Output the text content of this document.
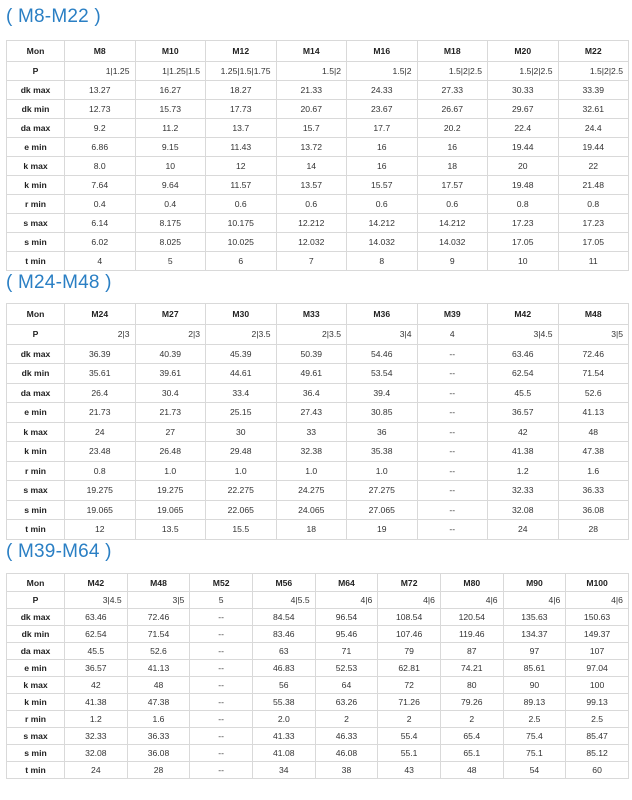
( M8-M22 )
Mon	M8	M10	M12	M14	M16	M18	M20	M22
P	1|1.25	1|1.25|1.5	1.25|1.5|1.75	1.5|2	1.5|2	1.5|2|2.5	1.5|2|2.5	1.5|2|2.5
dk max	13.27	16.27	18.27	21.33	24.33	27.33	30.33	33.39
dk min	12.73	15.73	17.73	20.67	23.67	26.67	29.67	32.61
da max	9.2	11.2	13.7	15.7	17.7	20.2	22.4	24.4
e min	6.86	9.15	11.43	13.72	16	16	19.44	19.44
k max	8.0	10	12	14	16	18	20	22
k min	7.64	9.64	11.57	13.57	15.57	17.57	19.48	21.48
r min	0.4	0.4	0.6	0.6	0.6	0.6	0.8	0.8
s max	6.14	8.175	10.175	12.212	14.212	14.212	17.23	17.23
s min	6.02	8.025	10.025	12.032	14.032	14.032	17.05	17.05
t min	4	5	6	7	8	9	10	11
( M24-M48 )
Mon	M24	M27	M30	M33	M36	M39	M42	M48
P	2|3	2|3	2|3.5	2|3.5	3|4	4	3|4.5	3|5
dk max	36.39	40.39	45.39	50.39	54.46	--	63.46	72.46
dk min	35.61	39.61	44.61	49.61	53.54	--	62.54	71.54
da max	26.4	30.4	33.4	36.4	39.4	--	45.5	52.6
e min	21.73	21.73	25.15	27.43	30.85	--	36.57	41.13
k max	24	27	30	33	36	--	42	48
k min	23.48	26.48	29.48	32.38	35.38	--	41.38	47.38
r min	0.8	1.0	1.0	1.0	1.0	--	1.2	1.6
s max	19.275	19.275	22.275	24.275	27.275	--	32.33	36.33
s min	19.065	19.065	22.065	24.065	27.065	--	32.08	36.08
t min	12	13.5	15.5	18	19	--	24	28
( M39-M64 )
Mon	M42	M48	M52	M56	M64	M72	M80	M90	M100
P	3|4.5	3|5	5	4|5.5	4|6	4|6	4|6	4|6	4|6
dk max	63.46	72.46	--	84.54	96.54	108.54	120.54	135.63	150.63
dk min	62.54	71.54	--	83.46	95.46	107.46	119.46	134.37	149.37
da max	45.5	52.6	--	63	71	79	87	97	107
e min	36.57	41.13	--	46.83	52.53	62.81	74.21	85.61	97.04
k max	42	48	--	56	64	72	80	90	100
k min	41.38	47.38	--	55.38	63.26	71.26	79.26	89.13	99.13
r min	1.2	1.6	--	2.0	2	2	2	2.5	2.5
s max	32.33	36.33	--	41.33	46.33	55.4	65.4	75.4	85.47
s min	32.08	36.08	--	41.08	46.08	55.1	65.1	75.1	85.12
t min	24	28	--	34	38	43	48	54	60
